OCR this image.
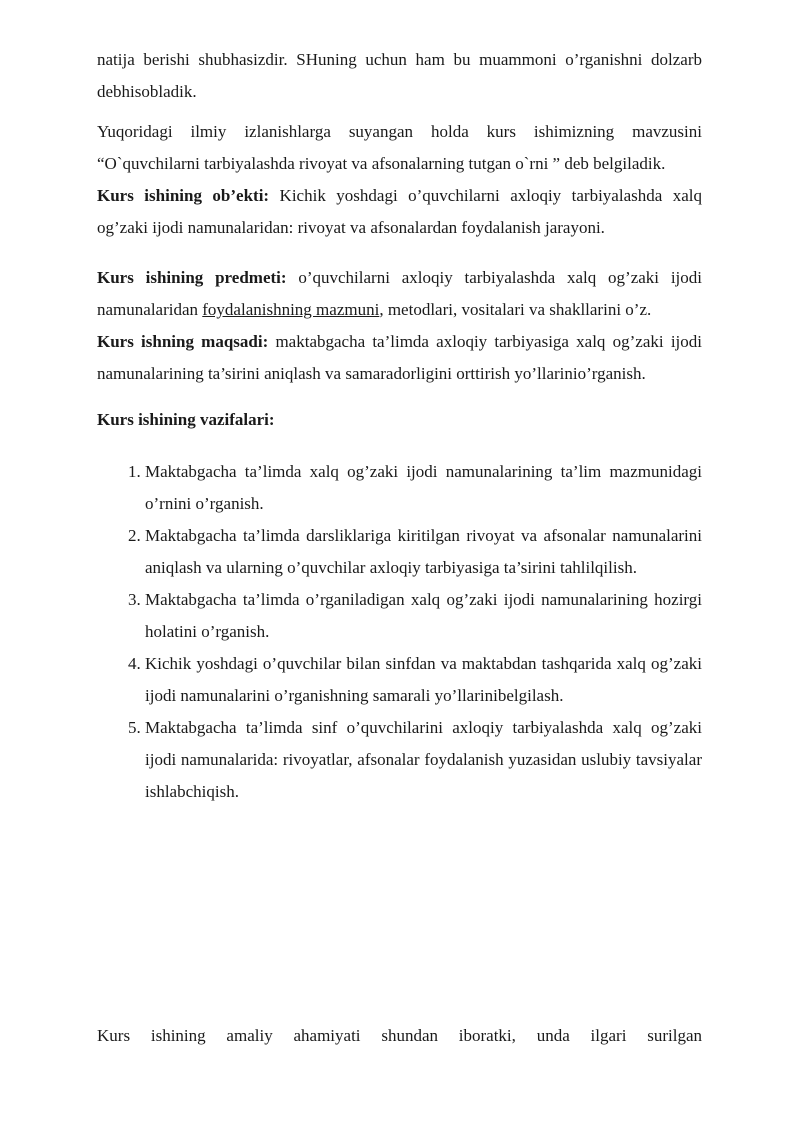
natija berishi shubhasizdir. SHuning uchun ham bu muammoni o’rganishni dolzarb debhisobladik.

Yuqoridagi ilmiy izlanishlarga suyangan holda kurs ishimizning mavzusini “O`quvchilarni tarbiyalashda rivoyat va afsonalarning tutgan o`rni ” deb belgiladik.

Kurs ishining ob’ekti: Kichik yoshdagi o’quvchilarni axloqiy tarbiyalashda xalq og’zaki ijodi namunalaridan: rivoyat va afsonalardan foydalanish jarayoni.

Kurs ishining predmeti: o’quvchilarni axloqiy tarbiyalashda xalq og’zaki ijodi namunalaridan foydalanishning mazmuni, metodlari, vositalari va shakllarini o’z.

Kurs ishning maqsadi: maktabgacha ta’limda axloqiy tarbiyasiga xalq og’zaki ijodi namunalarining ta’sirini aniqlash va samaradorligini orttirish yo’llarinio’rganish.

Kurs ishining vazifalari:

1. Maktabgacha ta’limda xalq og’zaki ijodi namunalarining ta’lim mazmunidagi o’rnini o’rganish.
2. Maktabgacha ta’limda darsliklariga kiritilgan rivoyat va afsonalar namunalarini aniqlash va ularning o’quvchilar axloqiy tarbiyasiga ta’sirini tahlilqilish.
3. Maktabgacha ta’limda o’rganiladigan xalq og’zaki ijodi namunalarining hozirgi holatini o’rganish.
4. Kichik yoshdagi o’quvchilar bilan sinfdan va maktabdan tashqarida xalq og’zaki ijodi namunalarini o’rganishning samarali yo’llarinibelgilash.
5. Maktabgacha ta’limda sinf o’quvchilarini axloqiy tarbiyalashda xalq og’zaki ijodi namunalarida: rivoyatlar, afsonalar foydalanish yuzasidan uslubiy tavsiyalar ishlabchiqish.

Kurs ishining amaliy ahamiyati shundan iboratki, unda ilgari surilgan
